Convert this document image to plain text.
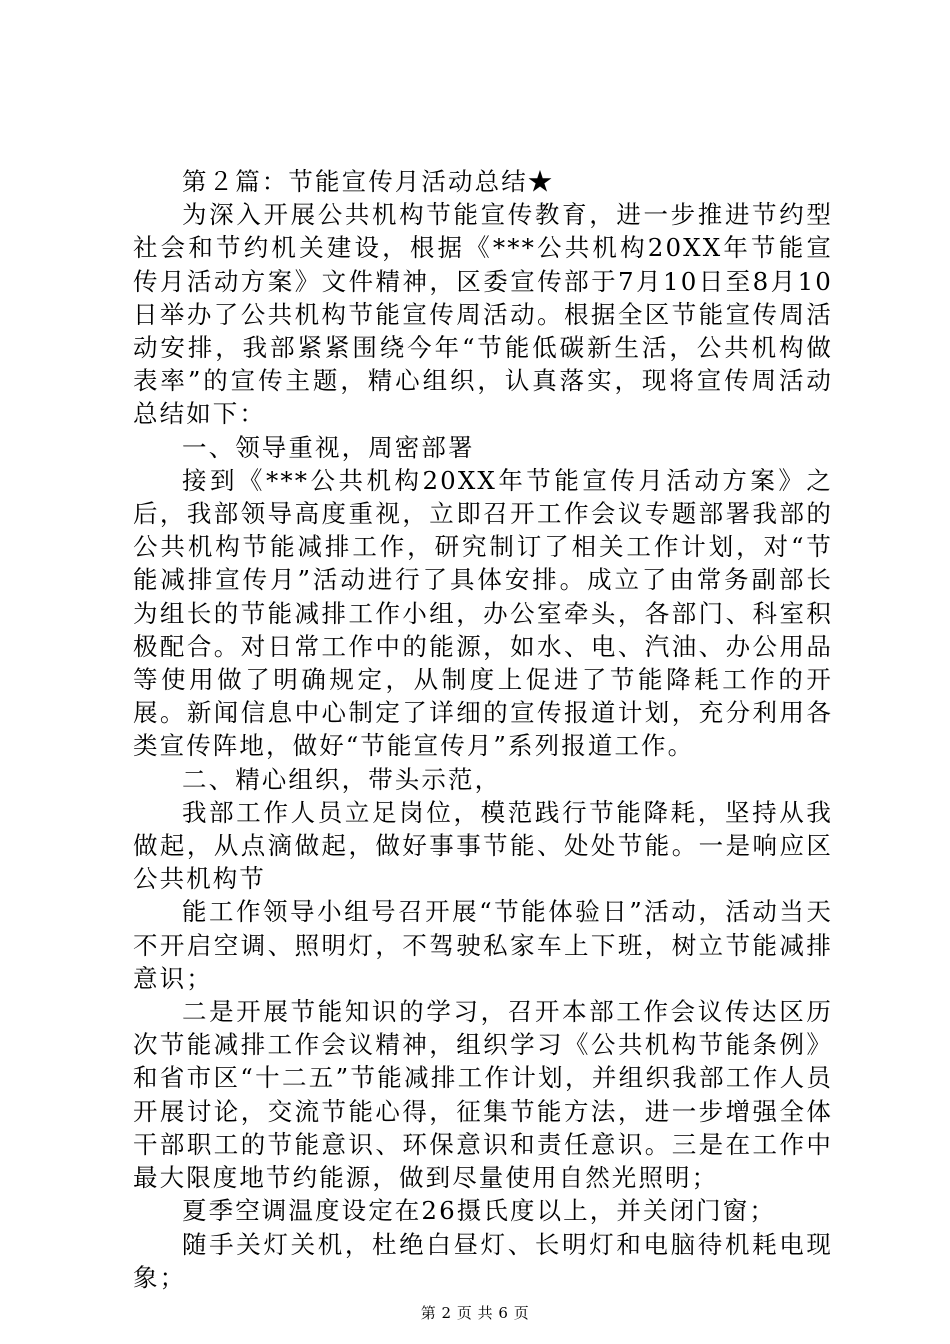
第２篇：节能宣传月活动总结★

为深入开展公共机构节能宣传教育，进一步推进节约型社会和节约机关建设，根据《***公共机构20XX年节能宣传月活动方案》文件精神，区委宣传部于7月10日至8月10日举办了公共机构节能宣传周活动。根据全区节能宣传周活动安排，我部紧紧围绕今年“节能低碳新生活，公共机构做表率”的宣传主题，精心组织，认真落实，现将宣传周活动总结如下：

一、领导重视，周密部署

接到《***公共机构20XX年节能宣传月活动方案》之后，我部领导高度重视，立即召开工作会议专题部署我部的公共机构节能减排工作，研究制订了相关工作计划，对“节能减排宣传月”活动进行了具体安排。成立了由常务副部长为组长的节能减排工作小组，办公室牵头，各部门、科室积极配合。对日常工作中的能源，如水、电、汽油、办公用品等使用做了明确规定，从制度上促进了节能降耗工作的开展。新闻信息中心制定了详细的宣传报道计划，充分利用各类宣传阵地，做好“节能宣传月”系列报道工作。

二、精心组织，带头示范，

我部工作人员立足岗位，模范践行节能降耗，坚持从我做起，从点滴做起，做好事事节能、处处节能。一是响应区公共机构节

能工作领导小组号召开展“节能体验日”活动，活动当天不开启空调、照明灯，不驾驶私家车上下班，树立节能减排意识；

二是开展节能知识的学习，召开本部工作会议传达区历次节能减排工作会议精神，组织学习《公共机构节能条例》和省市区“十二五”节能减排工作计划，并组织我部工作人员开展讨论，交流节能心得，征集节能方法，进一步增强全体干部职工的节能意识、环保意识和责任意识。三是在工作中最大限度地节约能源，做到尽量使用自然光照明；

夏季空调温度设定在26摄氏度以上，并关闭门窗；

随手关灯关机，杜绝白昼灯、长明灯和电脑待机耗电现象；

第 2 页 共 6 页
